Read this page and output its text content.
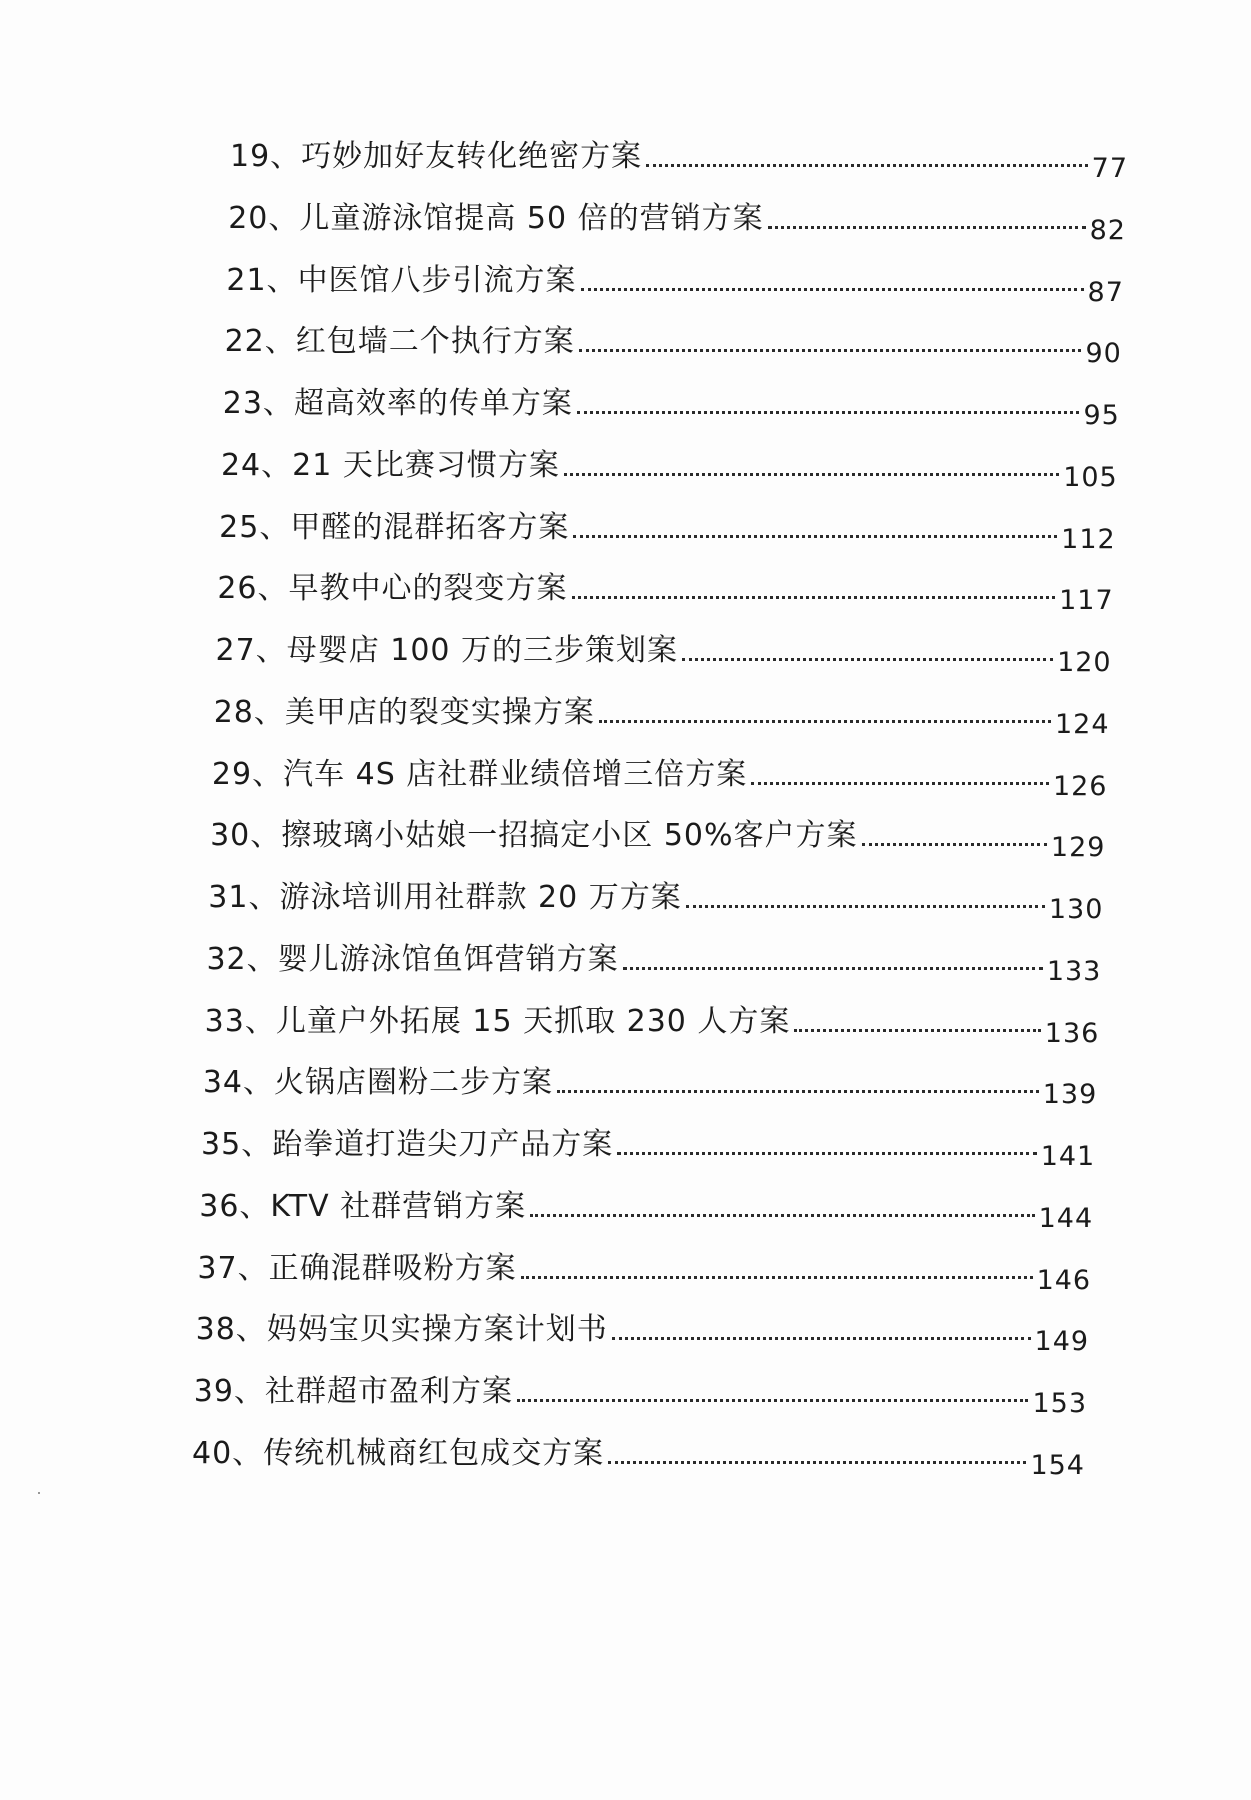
19、 巧妙加好友转化绝密方案	77
20、 儿童游泳馆提高 50 倍的营销方案	82
21、 中医馆八步引流方案	87
22、 红包墙二个执行方案	90
23、 超高效率的传单方案	95
24、 21 天比赛习惯方案	105
25、 甲醛的混群拓客方案	112
26、 早教中心的裂变方案	117
27、 母婴店 100 万的三步策划案	120
28、 美甲店的裂变实操方案	124
29、 汽车 4S 店社群业绩倍增三倍方案	126
30、 擦玻璃小姑娘一招搞定小区 50%客户方案	129
31、 游泳培训用社群款 20 万方案	130
32、 婴儿游泳馆鱼饵营销方案	133
33、 儿童户外拓展 15 天抓取 230 人方案	136
34、 火锅店圈粉二步方案	139
35、 跆拳道打造尖刀产品方案	141
36、 KTV 社群营销方案	144
37、 正确混群吸粉方案	146
38、 妈妈宝贝实操方案计划书	149
39、 社群超市盈利方案	153
40、 传统机械商红包成交方案	154
